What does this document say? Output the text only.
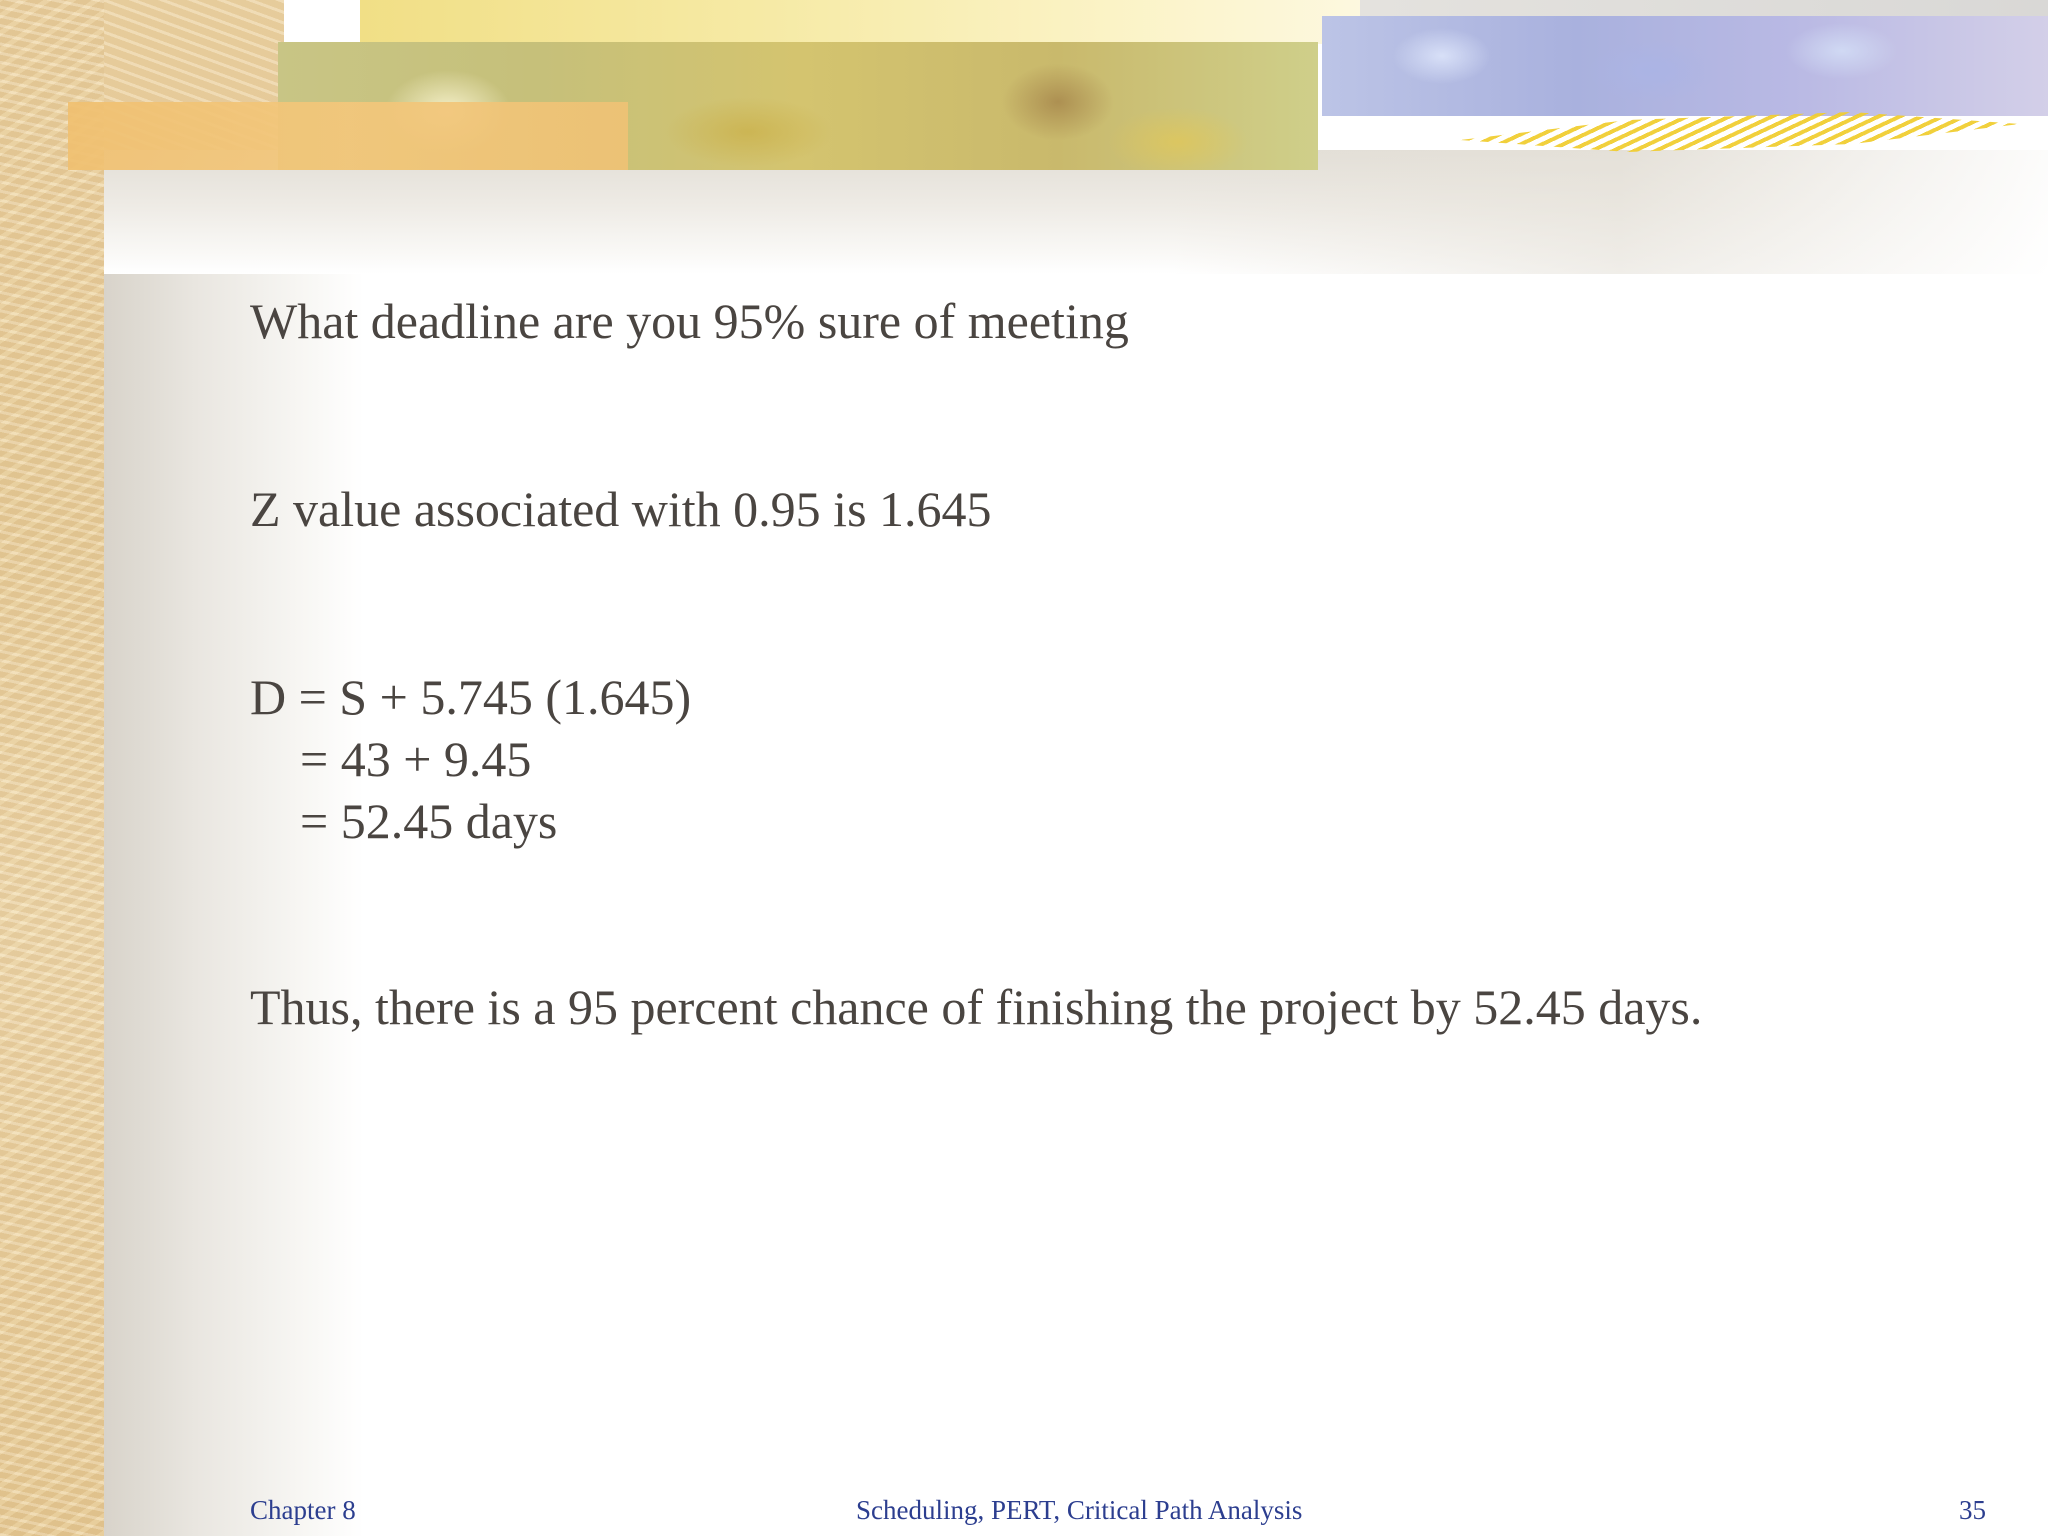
What deadline are you 95% sure of meeting

Z value associated with 0.95 is 1.645

D = S + 5.745 (1.645)
= 43 + 9.45
= 52.45 days

Thus, there is a 95 percent chance of finishing the project by 52.45 days.

Chapter 8	Scheduling, PERT, Critical Path Analysis	35
